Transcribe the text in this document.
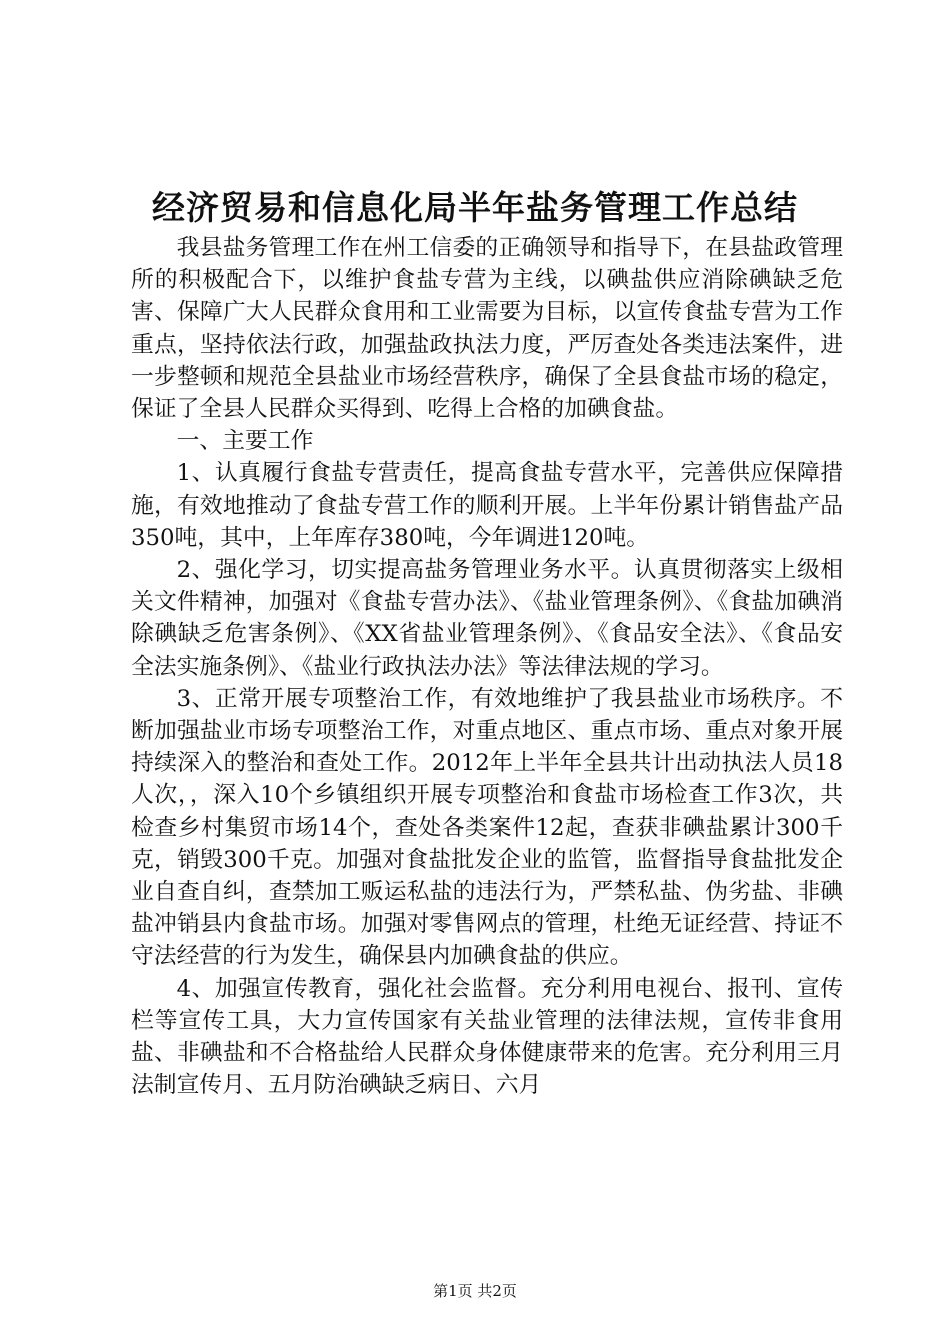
经济贸易和信息化局半年盐务管理工作总结

我县盐务管理工作在州工信委的正确领导和指导下，在县盐政管理所的积极配合下，以维护食盐专营为主线，以碘盐供应消除碘缺乏危害、保障广大人民群众食用和工业需要为目标，以宣传食盐专营为工作重点，坚持依法行政，加强盐政执法力度，严厉查处各类违法案件，进一步整顿和规范全县盐业市场经营秩序，确保了全县食盐市场的稳定，保证了全县人民群众买得到、吃得上合格的加碘食盐。

一、主要工作

1、认真履行食盐专营责任，提高食盐专营水平，完善供应保障措施，有效地推动了食盐专营工作的顺利开展。上半年份累计销售盐产品350吨，其中，上年库存380吨，今年调进120吨。

2、强化学习，切实提高盐务管理业务水平。认真贯彻落实上级相关文件精神，加强对《食盐专营办法》、《盐业管理条例》、《食盐加碘消除碘缺乏危害条例》、《XX省盐业管理条例》、《食品安全法》、《食品安全法实施条例》、《盐业行政执法办法》等法律法规的学习。

3、正常开展专项整治工作，有效地维护了我县盐业市场秩序。不断加强盐业市场专项整治工作，对重点地区、重点市场、重点对象开展持续深入的整治和查处工作。2012年上半年全县共计出动执法人员18人次，，深入10个乡镇组织开展专项整治和食盐市场检查工作3次，共检查乡村集贸市场14个，查处各类案件12起，查获非碘盐累计300千克，销毁300千克。加强对食盐批发企业的监管，监督指导食盐批发企业自查自纠，查禁加工贩运私盐的违法行为，严禁私盐、伪劣盐、非碘盐冲销县内食盐市场。加强对零售网点的管理，杜绝无证经营、持证不守法经营的行为发生，确保县内加碘食盐的供应。

4、加强宣传教育，强化社会监督。充分利用电视台、报刊、宣传栏等宣传工具，大力宣传国家有关盐业管理的法律法规，宣传非食用盐、非碘盐和不合格盐给人民群众身体健康带来的危害。充分利用三月法制宣传月、五月防治碘缺乏病日、六月

第1页 共2页
